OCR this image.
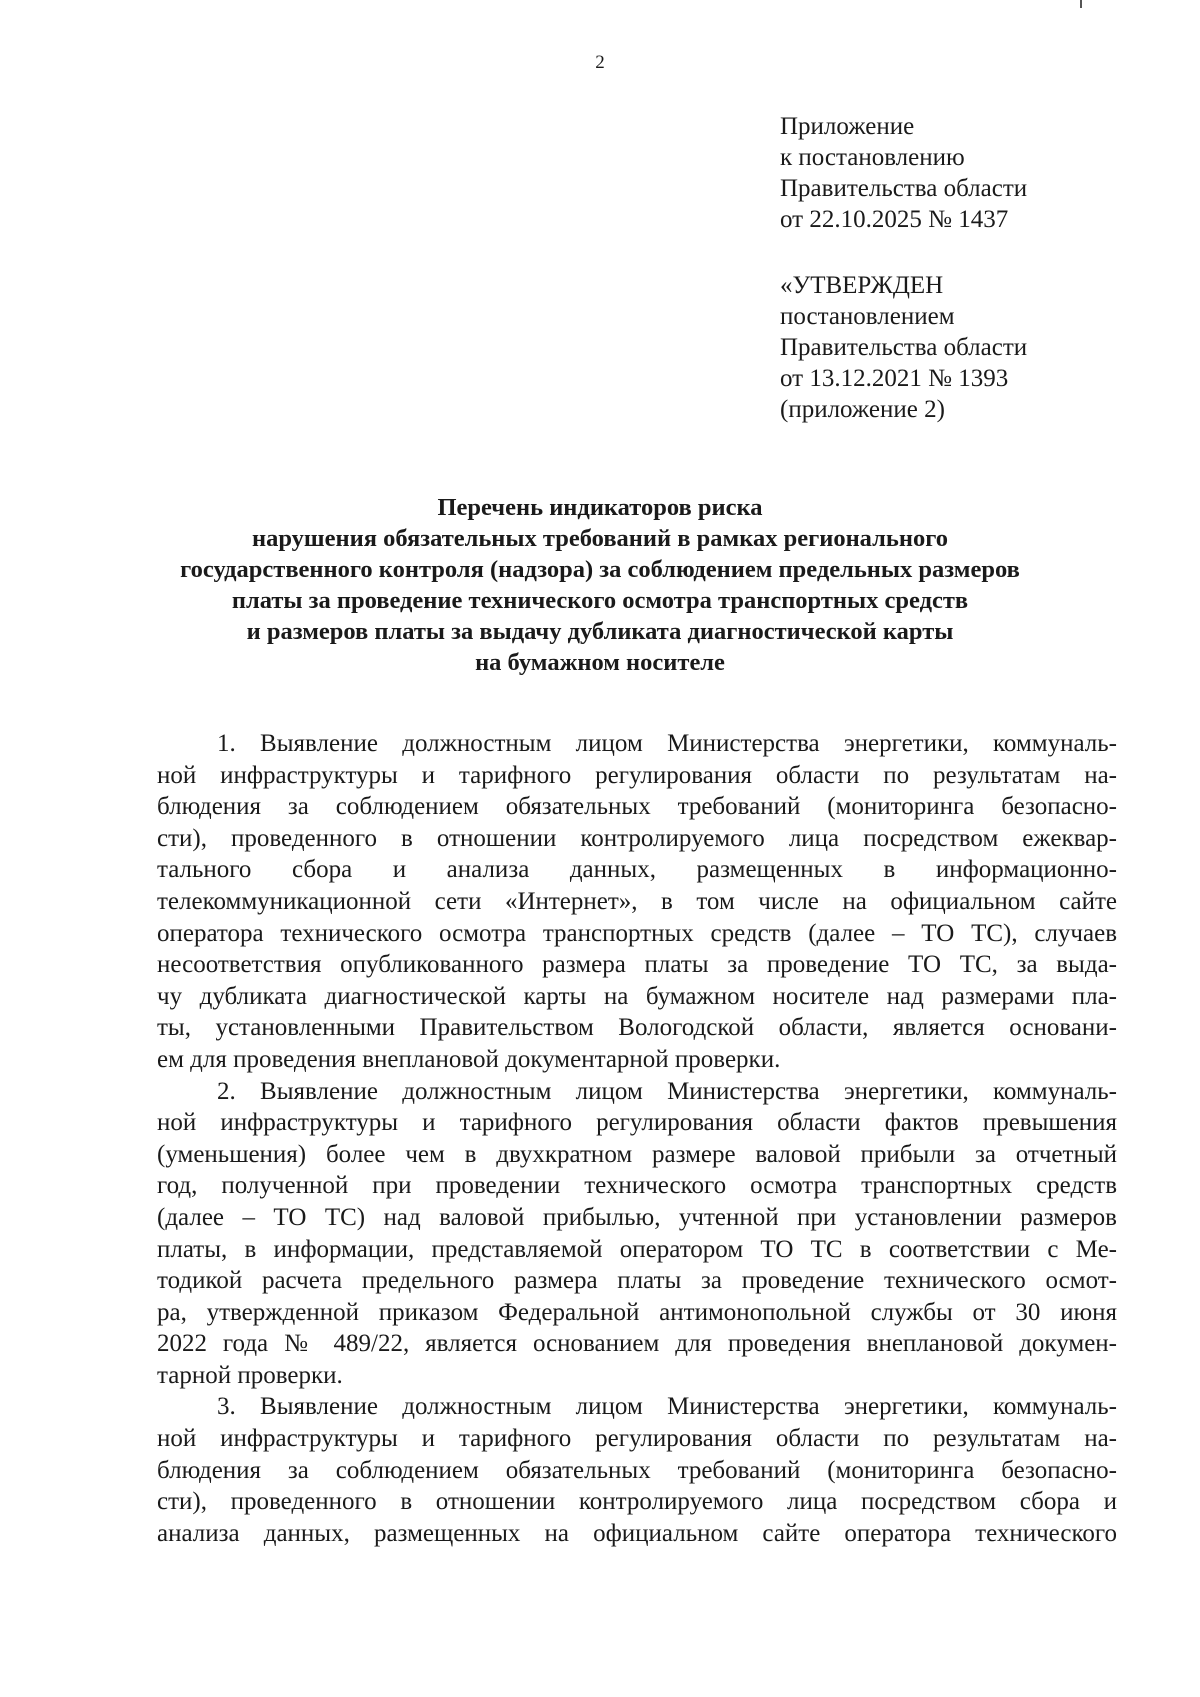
2
Приложение
к постановлению
Правительства области
от 22.10.2025 № 1437
«УТВЕРЖДЕН
постановлением
Правительства области
от 13.12.2021 № 1393
(приложение 2)
Перечень индикаторов риска
нарушения обязательных требований в рамках регионального
государственного контроля (надзора) за соблюдением предельных размеров
платы за проведение технического осмотра транспортных средств
и размеров платы за выдачу дубликата диагностической карты
на бумажном носителе
1. Выявление должностным лицом Министерства энергетики, коммуналь-
ной инфраструктуры и тарифного регулирования области по результатам на-
блюдения за соблюдением обязательных требований (мониторинга безопасно-
сти), проведенного в отношении контролируемого лица посредством ежеквар-
тального сбора и анализа данных, размещенных в информационно-
телекоммуникационной сети «Интернет», в том числе на официальном сайте
оператора технического осмотра транспортных средств (далее – ТО ТС), случаев
несоответствия опубликованного размера платы за проведение ТО ТС, за выда-
чу дубликата диагностической карты на бумажном носителе над размерами пла-
ты, установленными Правительством Вологодской области, является основани-
ем для проведения внеплановой документарной проверки.
2. Выявление должностным лицом Министерства энергетики, коммуналь-
ной инфраструктуры и тарифного регулирования области фактов превышения
(уменьшения) более чем в двухкратном размере валовой прибыли за отчетный
год, полученной при проведении технического осмотра транспортных средств
(далее – ТО ТС) над валовой прибылью, учтенной при установлении размеров
платы, в информации, представляемой оператором ТО ТС в соответствии с Ме-
тодикой расчета предельного размера платы за проведение технического осмот-
ра, утвержденной приказом Федеральной антимонопольной службы от 30 июня
2022 года № 489/22, является основанием для проведения внеплановой докумен-
тарной проверки.
3. Выявление должностным лицом Министерства энергетики, коммуналь-
ной инфраструктуры и тарифного регулирования области по результатам на-
блюдения за соблюдением обязательных требований (мониторинга безопасно-
сти), проведенного в отношении контролируемого лица посредством сбора и
анализа данных, размещенных на официальном сайте оператора технического
